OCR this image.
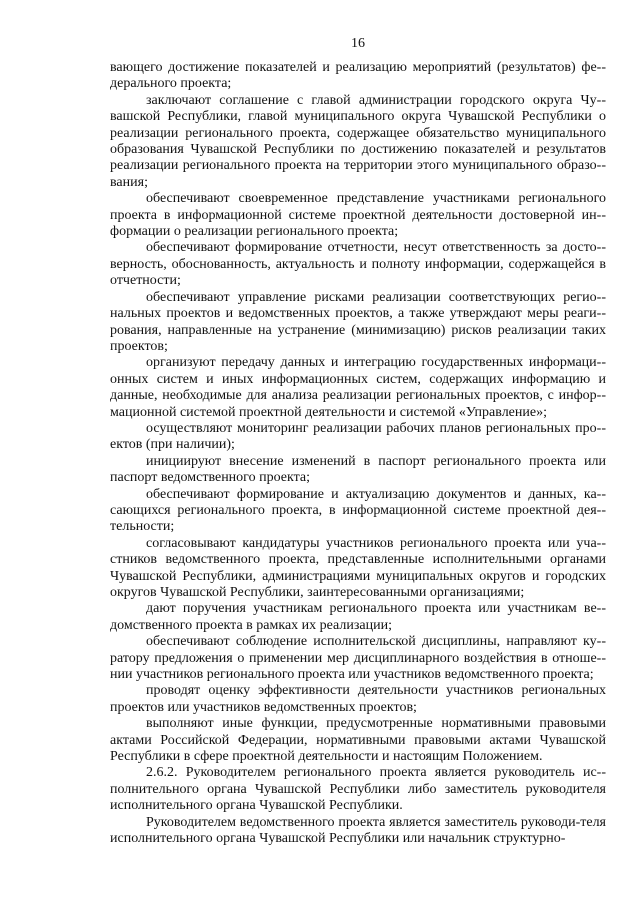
16

вающего достижение показателей и реализацию мероприятий (результатов) фе-дерального проекта;

заключают соглашение с главой администрации городского округа Чу-вашской Республики, главой муниципального округа Чувашской Республики о реализации регионального проекта, содержащее обязательство муниципального образования Чувашской Республики по достижению показателей и результатов реализации регионального проекта на территории этого муниципального образо-вания;

обеспечивают своевременное представление участниками регионального проекта в информационной системе проектной деятельности достоверной ин-формации о реализации регионального проекта;

обеспечивают формирование отчетности, несут ответственность за досто-верность, обоснованность, актуальность и полноту информации, содержащейся в отчетности;

обеспечивают управление рисками реализации соответствующих регио-нальных проектов и ведомственных проектов, а также утверждают меры реаги-рования, направленные на устранение (минимизацию) рисков реализации таких проектов;

организуют передачу данных и интеграцию государственных информаци-онных систем и иных информационных систем, содержащих информацию и данные, необходимые для анализа реализации региональных проектов, с инфор-мационной системой проектной деятельности и системой «Управление»;

осуществляют мониторинг реализации рабочих планов региональных про-ектов (при наличии);

инициируют внесение изменений в паспорт регионального проекта или паспорт ведомственного проекта;

обеспечивают формирование и актуализацию документов и данных, ка-сающихся регионального проекта, в информационной системе проектной дея-тельности;

согласовывают кандидатуры участников регионального проекта или уча-стников ведомственного проекта, представленные исполнительными органами Чувашской Республики, администрациями муниципальных округов и городских округов Чувашской Республики, заинтересованными организациями;

дают поручения участникам регионального проекта или участникам ве-домственного проекта в рамках их реализации;

обеспечивают соблюдение исполнительской дисциплины, направляют ку-ратору предложения о применении мер дисциплинарного воздействия в отноше-нии участников регионального проекта или участников ведомственного проекта;

проводят оценку эффективности деятельности участников региональных проектов или участников ведомственных проектов;

выполняют иные функции, предусмотренные нормативными правовыми актами Российской Федерации, нормативными правовыми актами Чувашской Республики в сфере проектной деятельности и настоящим Положением.

2.6.2. Руководителем регионального проекта является руководитель ис-полнительного органа Чувашской Республики либо заместитель руководителя исполнительного органа Чувашской Республики.

Руководителем ведомственного проекта является заместитель руководи-теля исполнительного органа Чувашской Республики или начальник структурно-
